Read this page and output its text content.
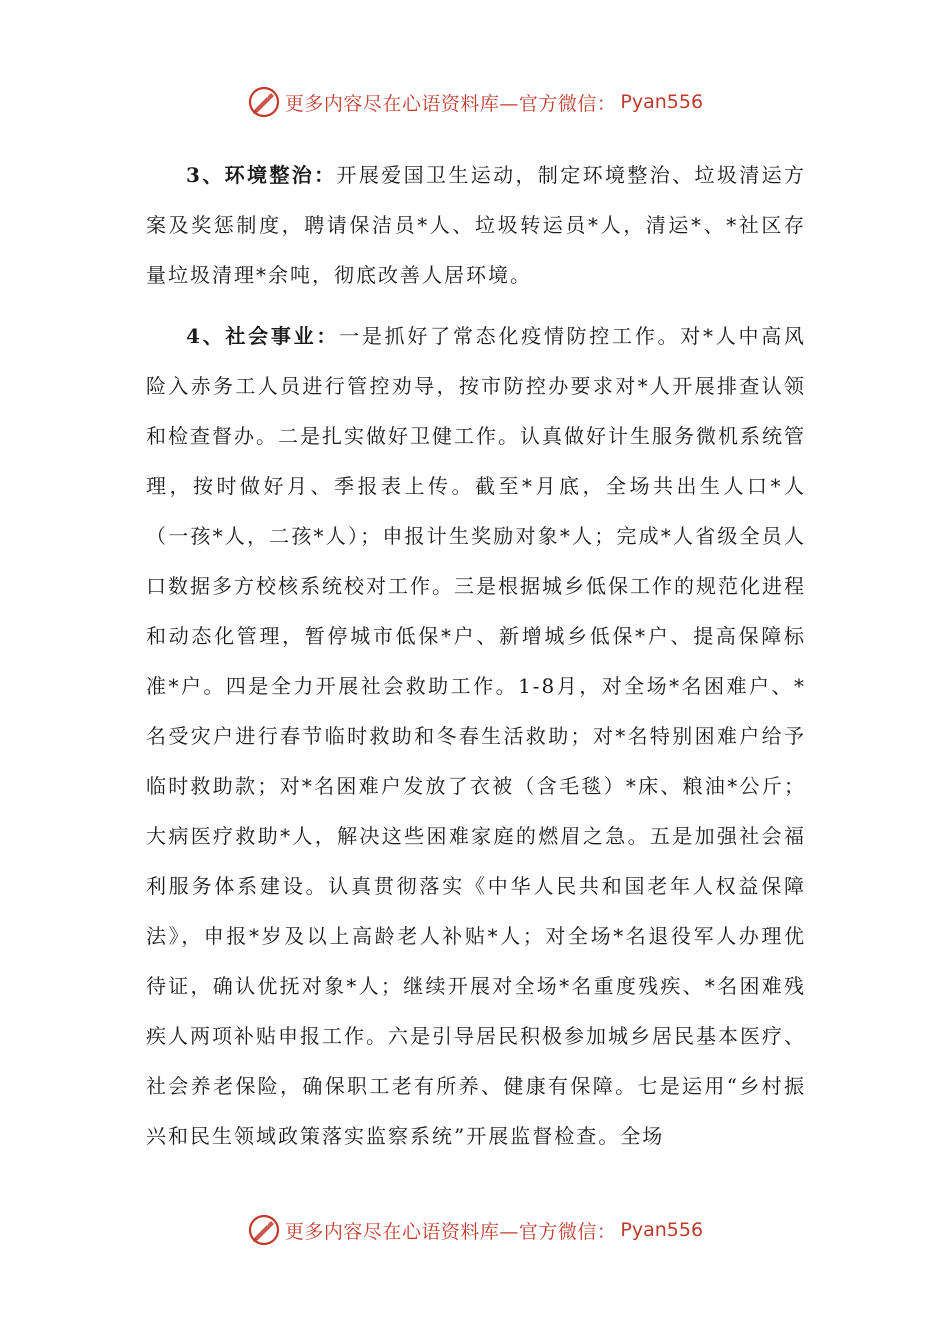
更多内容尽在心语资料库—官方微信： Pyan556

3、环境整治：开展爱国卫生运动，制定环境整治、垃圾清运方案及奖惩制度，聘请保洁员*人、垃圾转运员*人，清运*、*社区存量垃圾清理*余吨，彻底改善人居环境。

4、社会事业：一是抓好了常态化疫情防控工作。对*人中高风险入赤务工人员进行管控劝导，按市防控办要求对*人开展排查认领和检查督办。二是扎实做好卫健工作。认真做好计生服务微机系统管理，按时做好月、季报表上传。截至*月底，全场共出生人口*人（一孩*人，二孩*人）；申报计生奖励对象*人；完成*人省级全员人口数据多方校核系统校对工作。三是根据城乡低保工作的规范化进程和动态化管理，暂停城市低保*户、新增城乡低保*户、提高保障标准*户。四是全力开展社会救助工作。1-8月，对全场*名困难户、*名受灾户进行春节临时救助和冬春生活救助；对*名特别困难户给予临时救助款；对*名困难户发放了衣被（含毛毯）*床、粮油*公斤；大病医疗救助*人，解决这些困难家庭的燃眉之急。五是加强社会福利服务体系建设。认真贯彻落实《中华人民共和国老年人权益保障法》，申报*岁及以上高龄老人补贴*人；对全场*名退役军人办理优待证，确认优抚对象*人；继续开展对全场*名重度残疾、*名困难残疾人两项补贴申报工作。六是引导居民积极参加城乡居民基本医疗、社会养老保险，确保职工老有所养、健康有保障。七是运用“乡村振兴和民生领域政策落实监察系统”开展监督检查。全场

更多内容尽在心语资料库—官方微信： Pyan556
